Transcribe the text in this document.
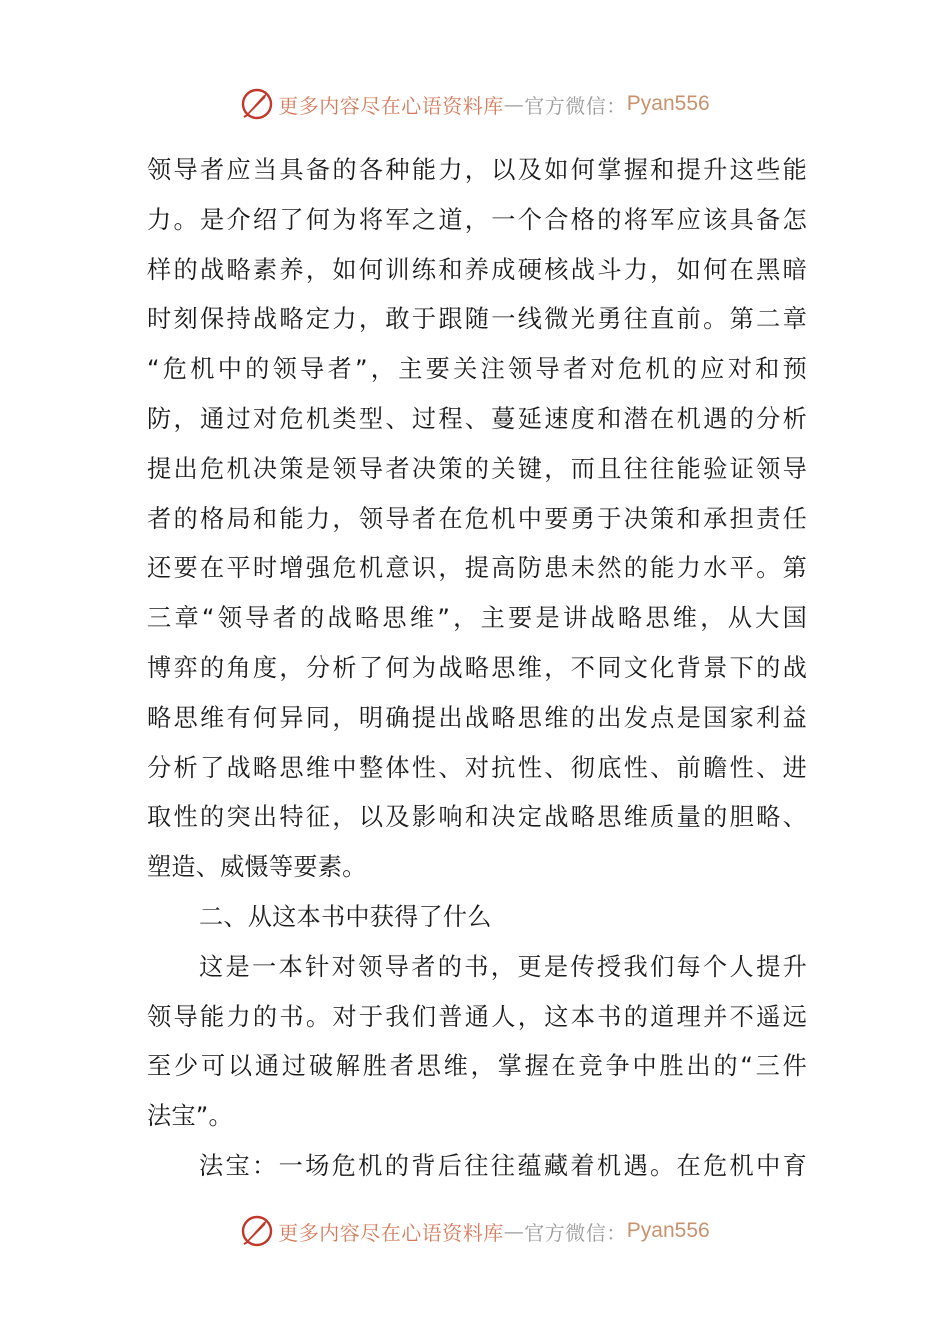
更多内容尽在心语资料库 — 官方微信： Pyan556
领导者应当具备的各种能力，以及如何掌握和提升这些能
力。是介绍了何为将军之道，一个合格的将军应该具备怎
样的战略素养，如何训练和养成硬核战斗力，如何在黑暗
时刻保持战略定力，敢于跟随一线微光勇往直前。第二章
“危机中的领导者”，主要关注领导者对危机的应对和预
防，通过对危机类型、过程、蔓延速度和潜在机遇的分析
提出危机决策是领导者决策的关键，而且往往能验证领导
者的格局和能力，领导者在危机中要勇于决策和承担责任
还要在平时增强危机意识，提高防患未然的能力水平。第
三章“领导者的战略思维”，主要是讲战略思维，从大国
博弈的角度，分析了何为战略思维，不同文化背景下的战
略思维有何异同，明确提出战略思维的出发点是国家利益
分析了战略思维中整体性、对抗性、彻底性、前瞻性、进
取性的突出特征，以及影响和决定战略思维质量的胆略、
塑造、威慑等要素。
二、从这本书中获得了什么
这是一本针对领导者的书，更是传授我们每个人提升
领导能力的书。对于我们普通人，这本书的道理并不遥远
至少可以通过破解胜者思维，掌握在竞争中胜出的“三件
法宝”。
法宝：一场危机的背后往往蕴藏着机遇。在危机中育
更多内容尽在心语资料库 — 官方微信： Pyan556
